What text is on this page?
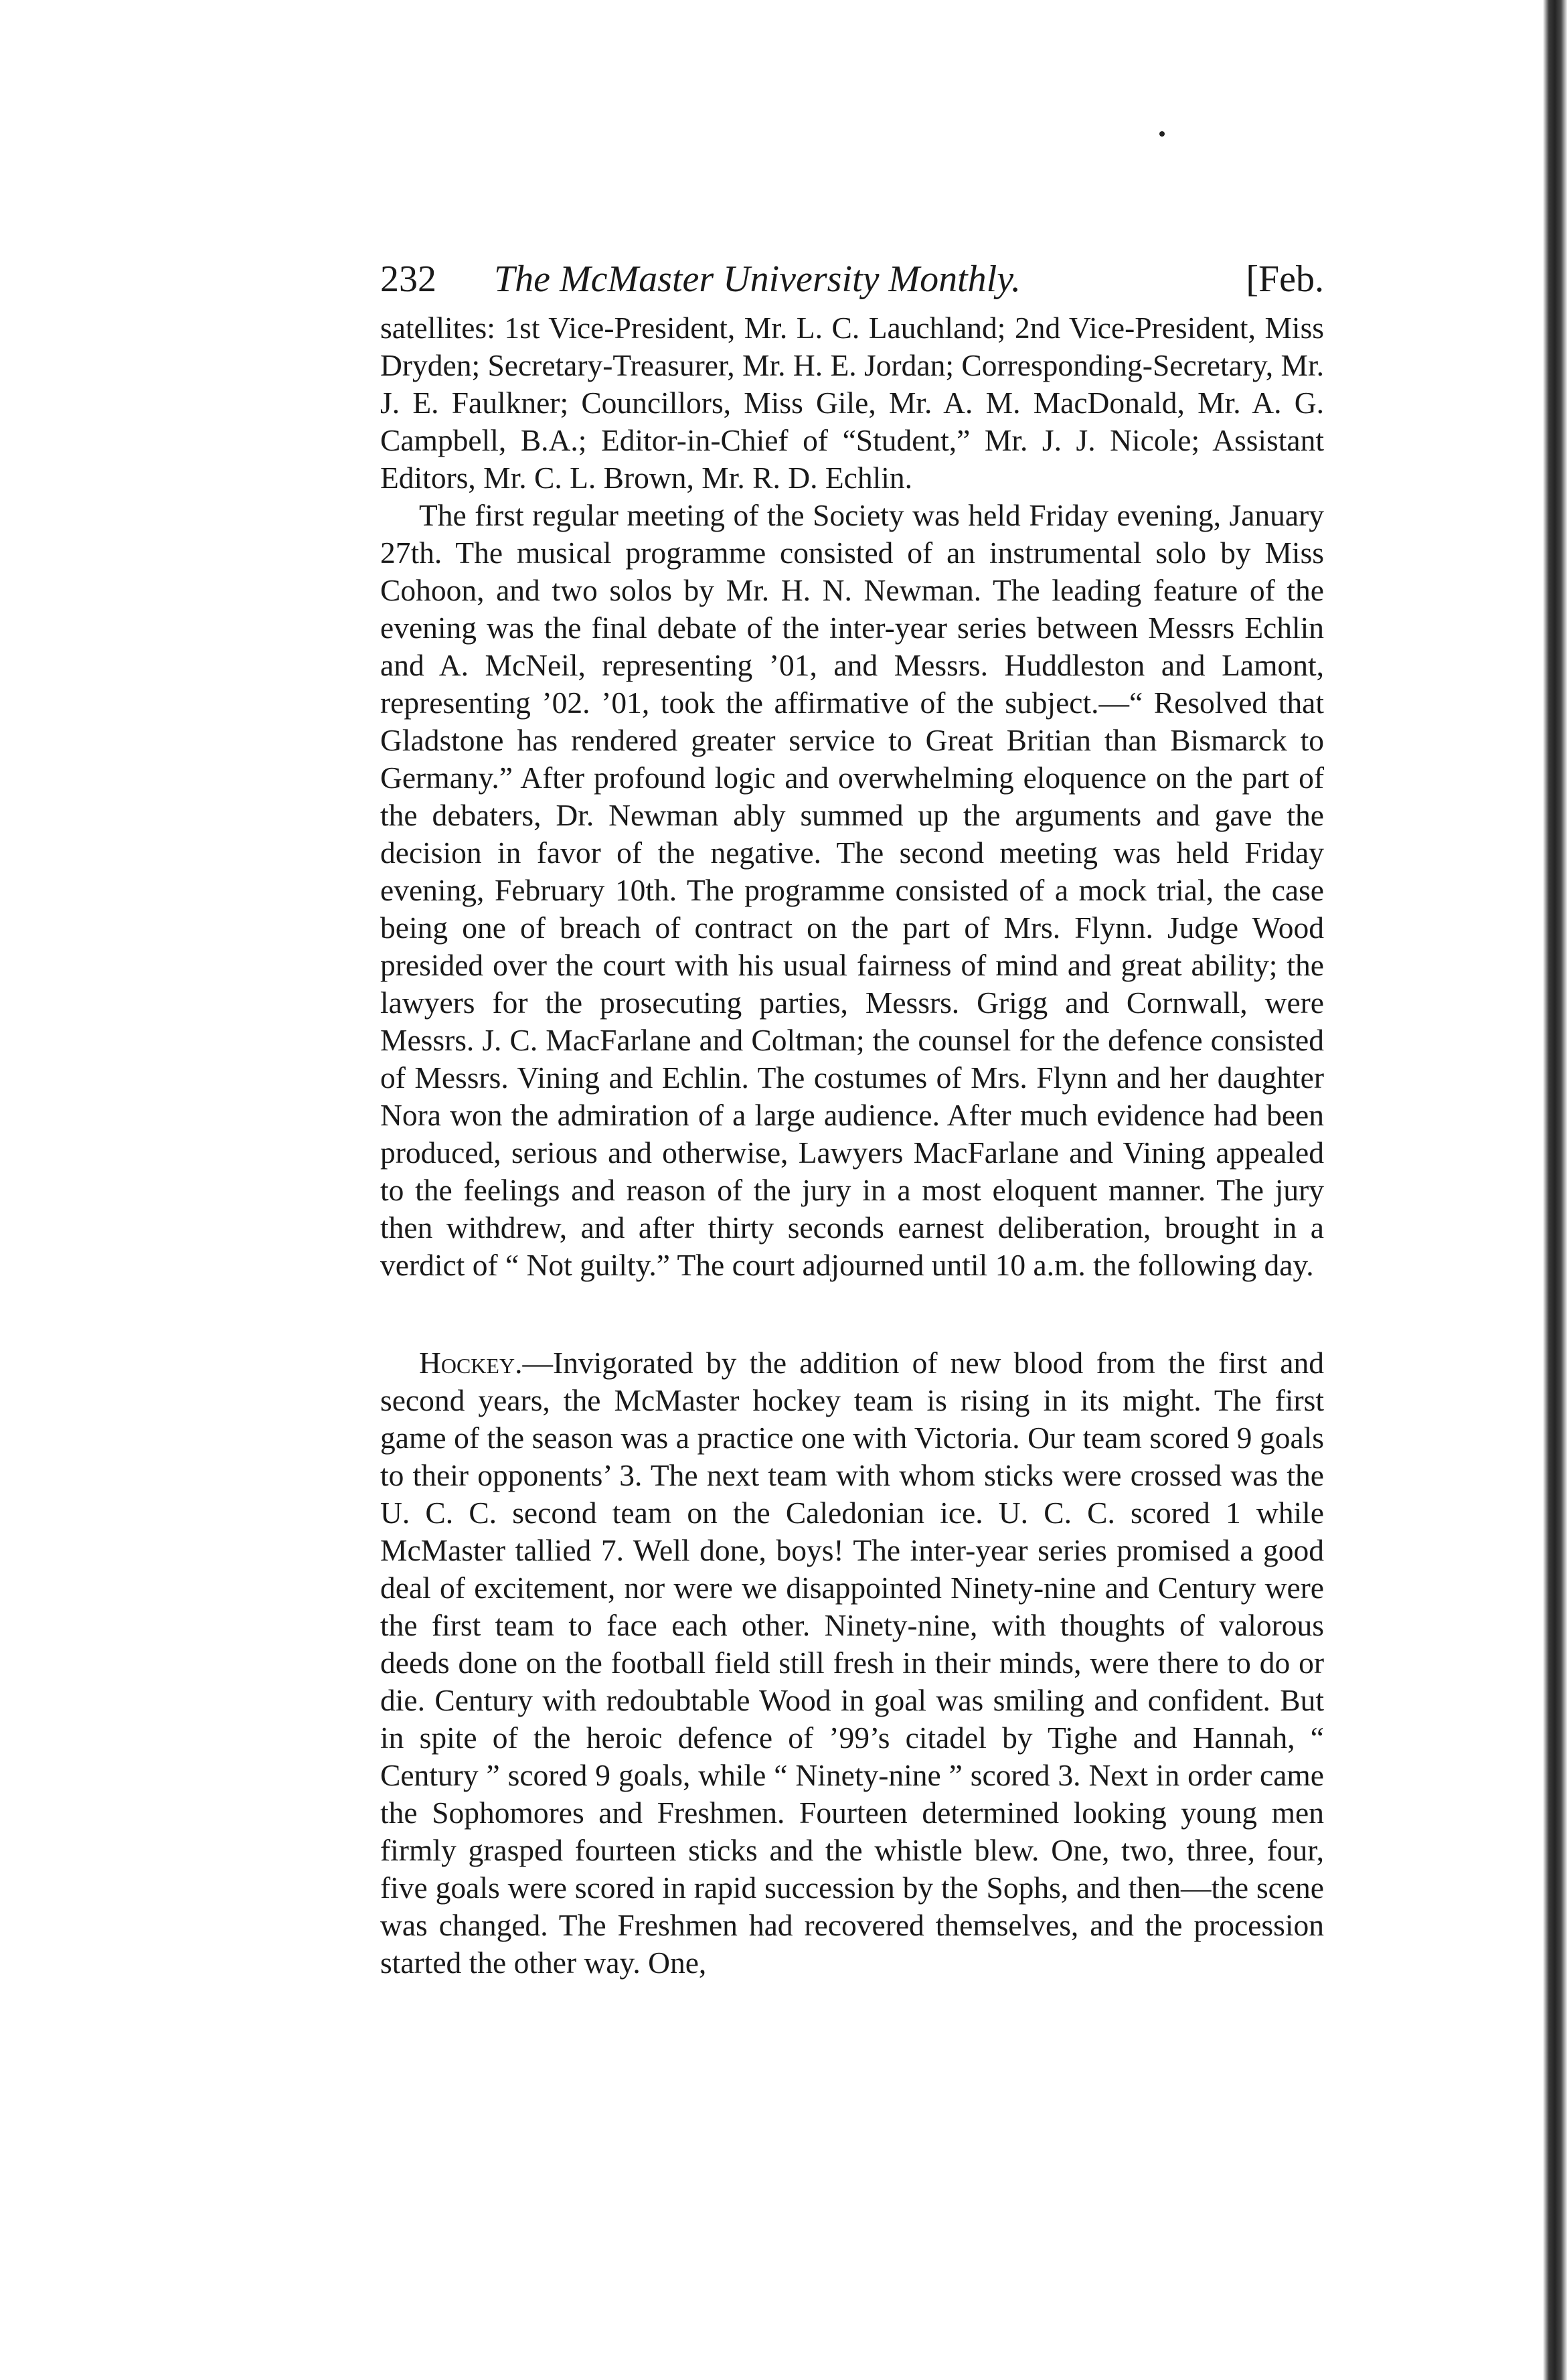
232 The McMaster University Monthly.	[Feb.

satellites: 1st Vice-President, Mr. L. C. Lauchland; 2nd Vice-President, Miss Dryden; Secretary-Treasurer, Mr. H. E. Jordan; Corresponding-Secretary, Mr. J. E. Faulkner; Councillors, Miss Gile, Mr. A. M. MacDonald, Mr. A. G. Campbell, B.A.; Editor-in-Chief of “Student,” Mr. J. J. Nicole; Assistant Editors, Mr. C. L. Brown, Mr. R. D. Echlin.

The first regular meeting of the Society was held Friday evening, January 27th. The musical programme consisted of an instrumental solo by Miss Cohoon, and two solos by Mr. H. N. Newman. The leading feature of the evening was the final debate of the inter-year series between Messrs Echlin and A. McNeil, representing ’01, and Messrs. Huddleston and Lamont, representing ’02. ’01, took the affirmative of the subject.—“ Resolved that Gladstone has rendered greater service to Great Britian than Bismarck to Germany.” After profound logic and overwhelming eloquence on the part of the debaters, Dr. Newman ably summed up the arguments and gave the decision in favor of the negative. The second meeting was held Friday evening, February 10th. The programme consisted of a mock trial, the case being one of breach of contract on the part of Mrs. Flynn. Judge Wood presided over the court with his usual fairness of mind and great ability; the lawyers for the prosecuting parties, Messrs. Grigg and Cornwall, were Messrs. J. C. MacFarlane and Coltman; the counsel for the defence consisted of Messrs. Vining and Echlin. The costumes of Mrs. Flynn and her daughter Nora won the admiration of a large audience. After much evidence had been produced, serious and otherwise, Lawyers MacFarlane and Vining appealed to the feelings and reason of the jury in a most eloquent manner. The jury then withdrew, and after thirty seconds earnest deliberation, brought in a verdict of “ Not guilty.” The court adjourned until 10 a.m. the following day.

Hockey.—Invigorated by the addition of new blood from the first and second years, the McMaster hockey team is rising in its might. The first game of the season was a practice one with Victoria. Our team scored 9 goals to their opponents’ 3. The next team with whom sticks were crossed was the U. C. C. second team on the Caledonian ice. U. C. C. scored 1 while McMaster tallied 7. Well done, boys! The inter-year series promised a good deal of excitement, nor were we disappointed Ninety-nine and Century were the first team to face each other. Ninety-nine, with thoughts of valorous deeds done on the football field still fresh in their minds, were there to do or die. Century with redoubtable Wood in goal was smiling and confident. But in spite of the heroic defence of ’99’s citadel by Tighe and Hannah, “ Century ” scored 9 goals, while “ Ninety-nine ” scored 3. Next in order came the Sophomores and Freshmen. Fourteen determined looking young men firmly grasped fourteen sticks and the whistle blew. One, two, three, four, five goals were scored in rapid succession by the Sophs, and then—the scene was changed. The Freshmen had recovered themselves, and the procession started the other way. One,
